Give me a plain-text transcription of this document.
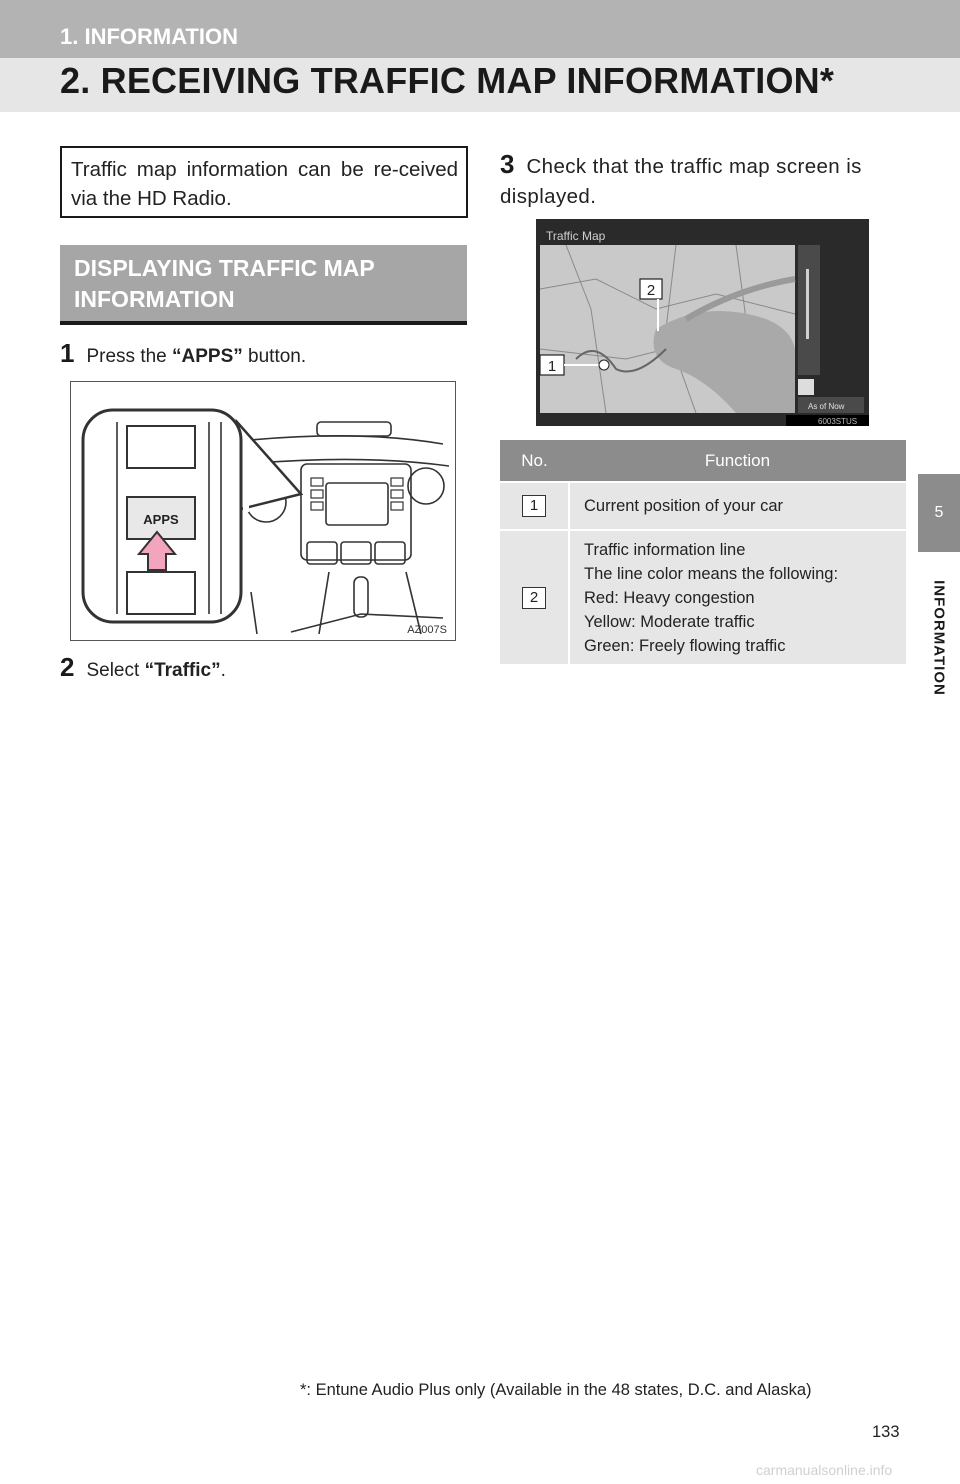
1. INFORMATION
2. RECEIVING TRAFFIC MAP INFORMATION*
5
INFORMATION
Traffic map information can be re-ceived via the HD Radio.
DISPLAYING TRAFFIC MAP INFORMATION
1 Press the “APPS” button.
APPS
AZ007S
2 Select “Traffic”.
3 Check that the traffic map screen is displayed.
Traffic Map
As of Now
6003STUS
2
1
No.	Function
1	Current position of your car
2	Traffic information line
The line color means the following:
Red: Heavy congestion
Yellow: Moderate traffic
Green: Freely flowing traffic
*: Entune Audio Plus only (Available in the 48 states, D.C. and Alaska)
133
carmanualsonline.info
